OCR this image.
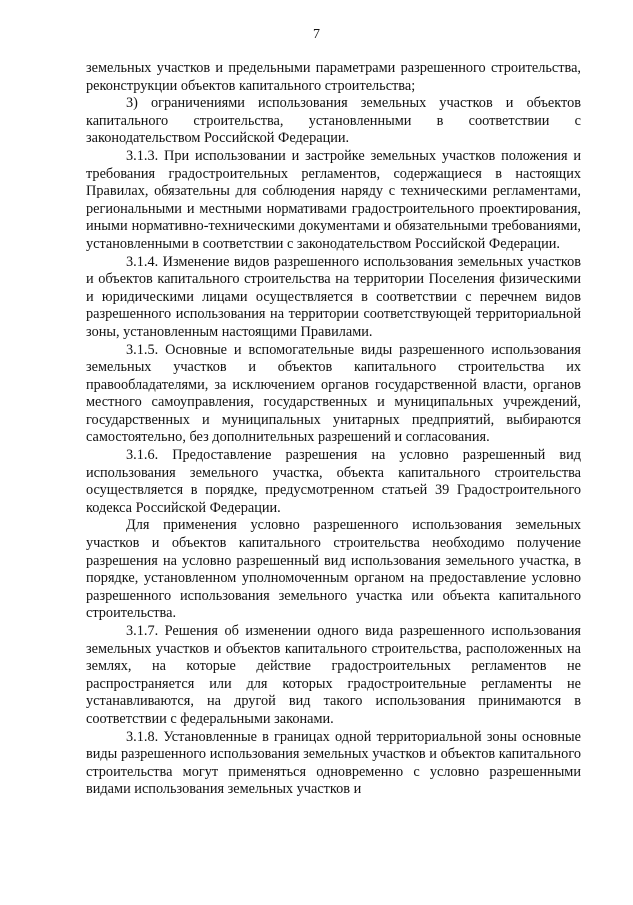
7

земельных участков и предельными параметрами разрешенного строительства, реконструкции объектов капитального строительства;

3) ограничениями использования земельных участков и объектов капитального строительства, установленными в соответствии с законодательством Российской Федерации.

3.1.3. При использовании и застройке земельных участков положения и требования градостроительных регламентов, содержащиеся в настоящих Правилах, обязательны для соблюдения наряду с техническими регламентами, региональными и местными нормативами градостроительного проектирования, иными нормативно-техническими документами и обязательными требованиями, установленными в соответствии с законодательством Российской Федерации.

3.1.4. Изменение видов разрешенного использования земельных участков и объектов капитального строительства на территории Поселения физическими и юридическими лицами осуществляется в соответствии с перечнем видов разрешенного использования на территории соответствующей территориальной зоны, установленным настоящими Правилами.

3.1.5. Основные и вспомогательные виды разрешенного использования земельных участков и объектов капитального строительства их правообладателями, за исключением органов государственной власти, органов местного самоуправления, государственных и муниципальных учреждений, государственных и муниципальных унитарных предприятий, выбираются самостоятельно, без дополнительных разрешений и согласования.

3.1.6. Предоставление разрешения на условно разрешенный вид использования земельного участка, объекта капитального строительства осуществляется в порядке, предусмотренном статьей 39 Градостроительного кодекса Российской Федерации.

Для применения условно разрешенного использования земельных участков и объектов капитального строительства необходимо получение разрешения на условно разрешенный вид использования земельного участка, в порядке, установленном уполномоченным органом на предоставление условно разрешенного использования земельного участка или объекта капитального строительства.

3.1.7. Решения об изменении одного вида разрешенного использования земельных участков и объектов капитального строительства, расположенных на землях, на которые действие градостроительных регламентов не распространяется или для которых градостроительные регламенты не устанавливаются, на другой вид такого использования принимаются в соответствии с федеральными законами.

3.1.8. Установленные в границах одной территориальной зоны основные виды разрешенного использования земельных участков и объектов капитального строительства могут применяться одновременно с условно разрешенными видами использования земельных участков и
